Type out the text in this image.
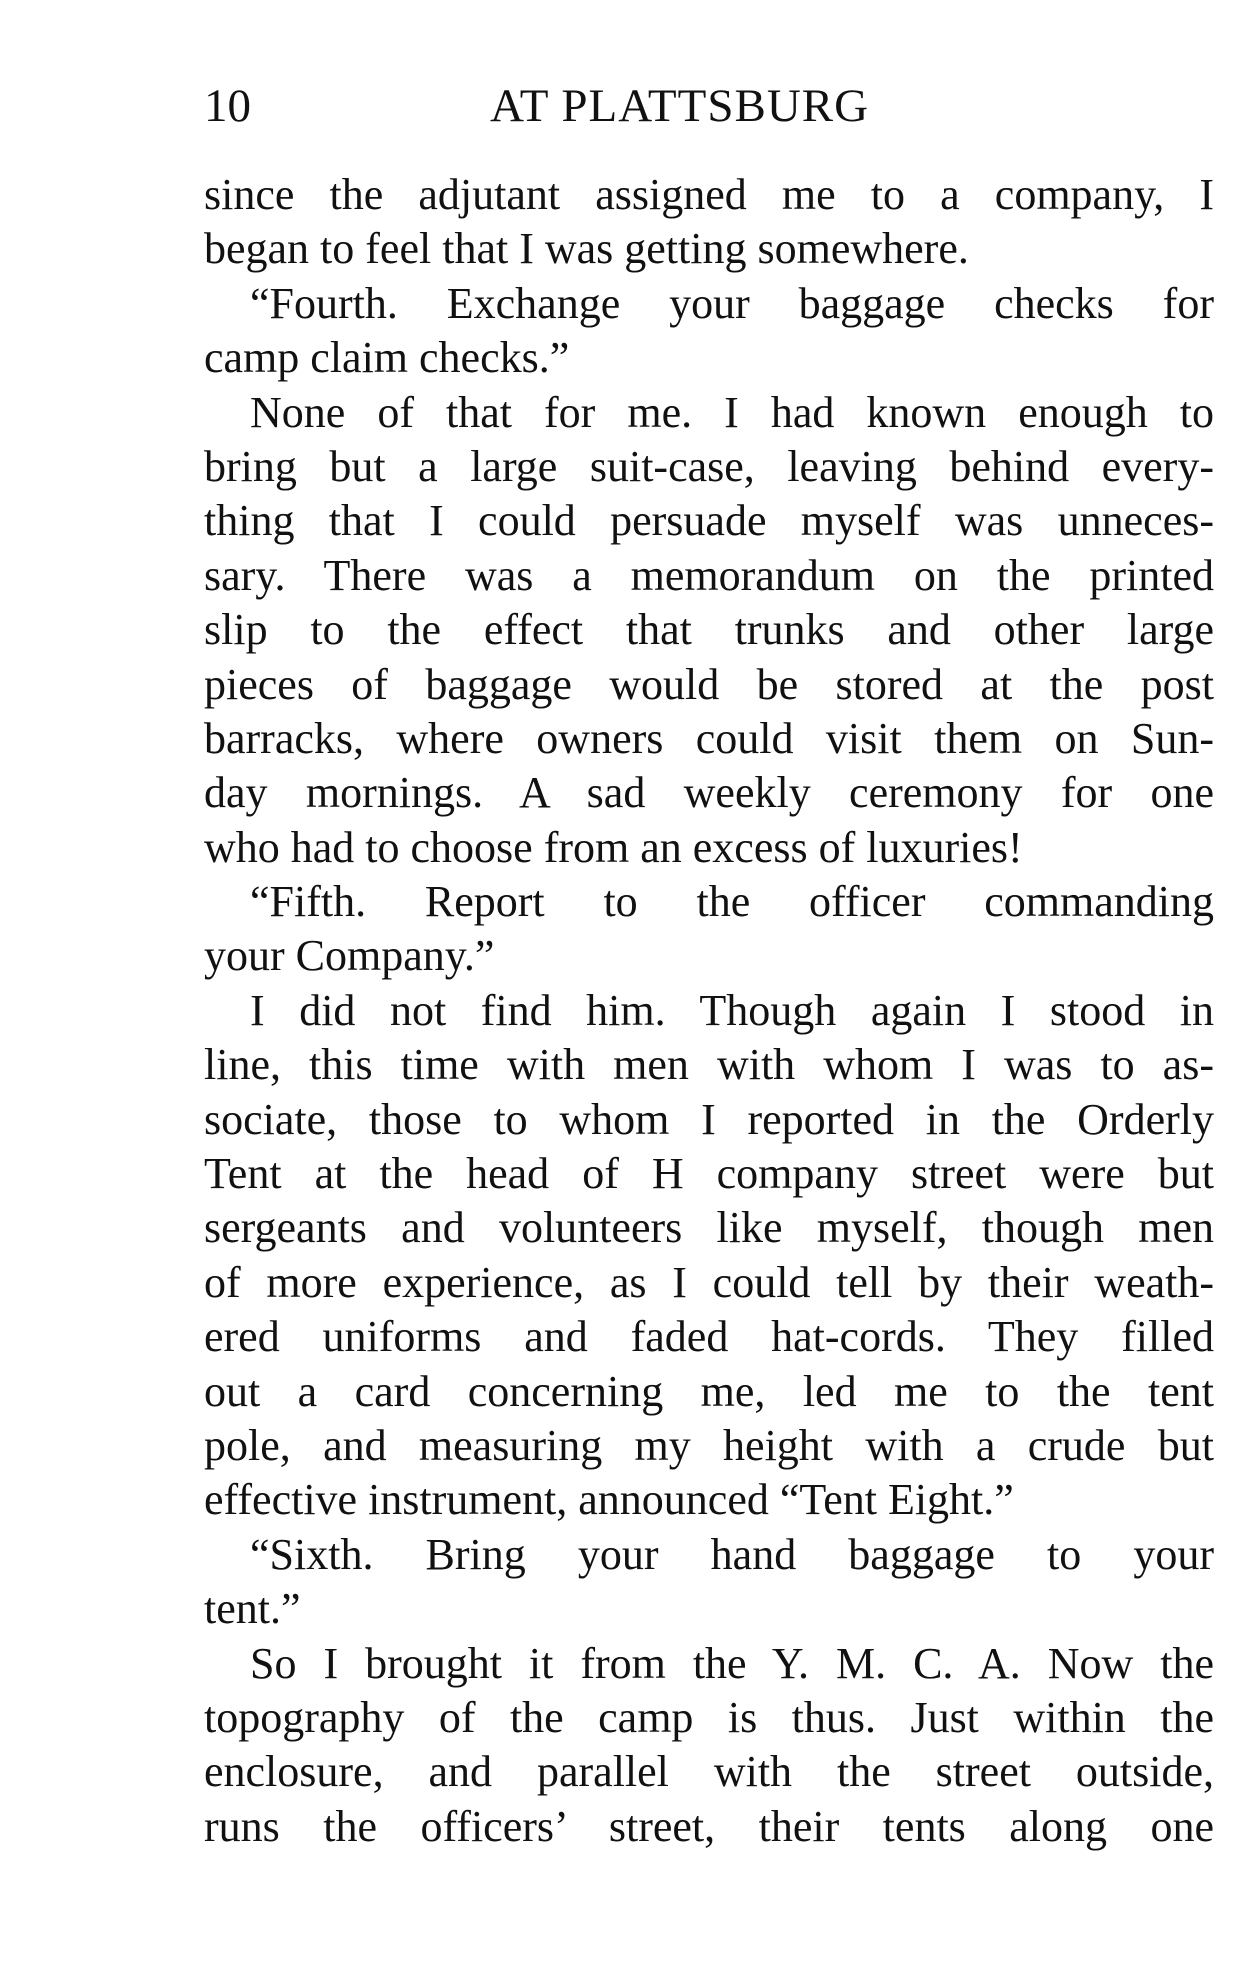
10	AT PLATTSBURG
since the adjutant assigned me to a company, I
began to feel that I was getting somewhere.
“Fourth. Exchange your baggage checks for
camp claim checks.”
None of that for me. I had known enough to
bring but a large suit-case, leaving behind every-
thing that I could persuade myself was unneces-
sary. There was a memorandum on the printed
slip to the effect that trunks and other large
pieces of baggage would be stored at the post
barracks, where owners could visit them on Sun-
day mornings. A sad weekly ceremony for one
who had to choose from an excess of luxuries!
“Fifth. Report to the officer commanding
your Company.”
I did not find him. Though again I stood in
line, this time with men with whom I was to as-
sociate, those to whom I reported in the Orderly
Tent at the head of H company street were but
sergeants and volunteers like myself, though men
of more experience, as I could tell by their weath-
ered uniforms and faded hat-cords. They filled
out a card concerning me, led me to the tent
pole, and measuring my height with a crude but
effective instrument, announced “Tent Eight.”
“Sixth. Bring your hand baggage to your
tent.”
So I brought it from the Y. M. C. A. Now the
topography of the camp is thus. Just within the
enclosure, and parallel with the street outside,
runs the officers’ street, their tents along one
